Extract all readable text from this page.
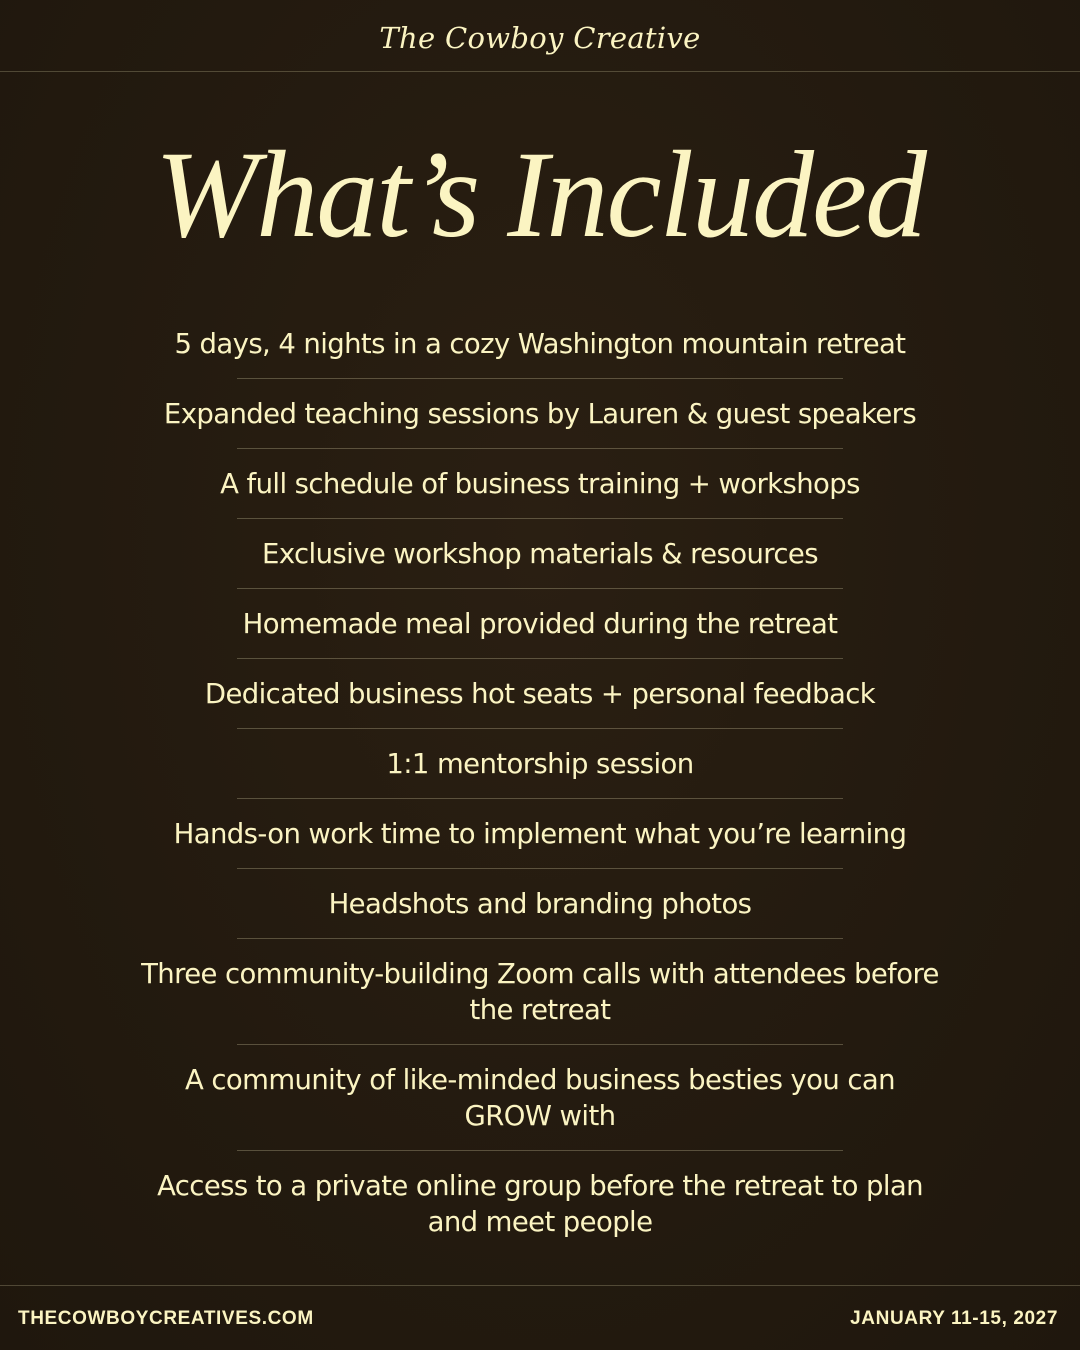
The Cowboy Creative
What’s Included
5 days, 4 nights in a cozy Washington mountain retreat
Expanded teaching sessions by Lauren & guest speakers
A full schedule of business training + workshops
Exclusive workshop materials & resources
Homemade meal provided during the retreat
Dedicated business hot seats + personal feedback
1:1 mentorship session
Hands-on work time to implement what you’re learning
Headshots and branding photos
Three community-building Zoom calls with attendees before the retreat
A community of like-minded business besties you can GROW with
Access to a private online group before the retreat to plan and meet people
THECOWBOYCREATIVES.COM	JANUARY 11-15, 2027
